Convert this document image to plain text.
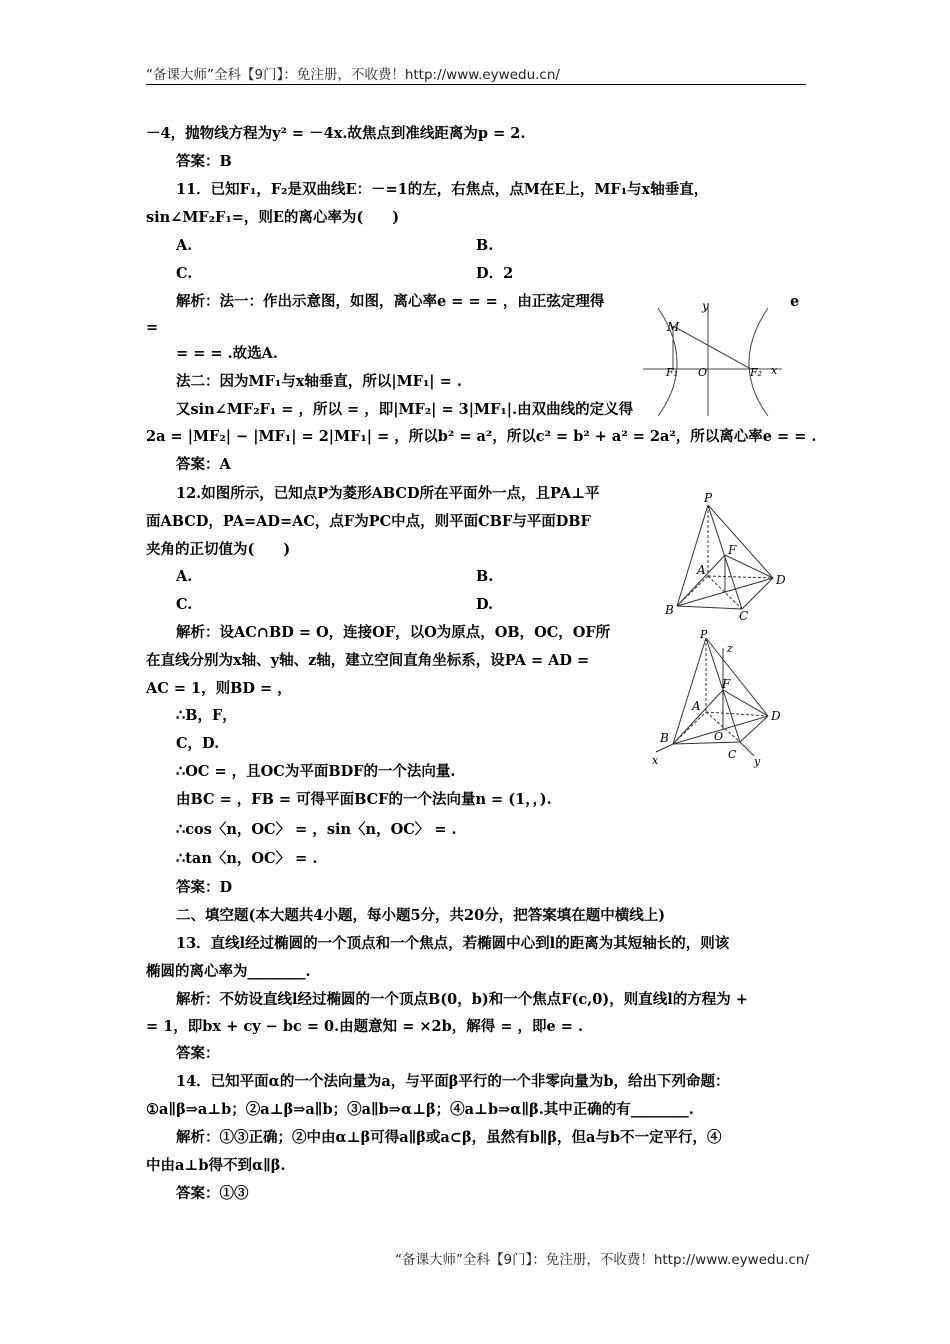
“备课大师”全科【9门】：免注册，不收费！http://www.eywedu.cn/
－4，抛物线方程为y² = －4x.故焦点到准线距离为p = 2.
答案：B
11．已知F₁，F₂是双曲线E：－=1的左，右焦点，点M在E上，MF₁与x轴垂直，
sin∠MF₂F₁=，则E的离心率为(　　)
A.	B.
C.	D．2
解析：法一：作出示意图，如图，离心率e = = = ，由正弦定理得	e
=
= = = .故选A.
法二：因为MF₁与x轴垂直，所以|MF₁| = .
又sin∠MF₂F₁ = ，所以 = ，即|MF₂| = 3|MF₁|.由双曲线的定义得
2a = |MF₂| − |MF₁| = 2|MF₁| = ，所以b² = a²，所以c² = b² + a² = 2a²，所以离心率e = = .
答案：A
y
M
F₁ O	F₂ x
12.如图所示，已知点P为菱形ABCD所在平面外一点，且PA⊥平
面ABCD，PA=AD=AC，点F为PC中点，则平面CBF与平面DBF
夹角的正切值为(　　)
A.	B.
C.	D.
P
F
A
D
B	C
解析：设AC∩BD = O，连接OF，以O为原点，OB，OC，OF所
在直线分别为x轴、y轴、z轴，建立空间直角坐标系，设PA = AD =
AC = 1，则BD = ，
∴B，F，
C，D.
P
z
F
A
D
B	O
C
x	y
∴OC = ，且OC为平面BDF的一个法向量.
由BC = ，FB = 可得平面BCF的一个法向量n = (1，，).
∴cos〈n，OC〉 = ，sin〈n，OC〉 = .
∴tan〈n，OC〉 = .
答案：D
二、填空题(本大题共4小题，每小题5分，共20分，把答案填在题中横线上)
13．直线l经过椭圆的一个顶点和一个焦点，若椭圆中心到l的距离为其短轴长的，则该
椭圆的离心率为________.
解析：不妨设直线l经过椭圆的一个顶点B(0，b)和一个焦点F(c,0)，则直线l的方程为 +
= 1，即bx + cy − bc = 0.由题意知 = ×2b，解得 = ，即e = .
答案：
14．已知平面α的一个法向量为a，与平面β平行的一个非零向量为b，给出下列命题：
①a∥β⇒a⊥b；②a⊥β⇒a∥b；③a∥b⇒α⊥β；④a⊥b⇒α∥β.其中正确的有________.
解析：①③正确；②中由α⊥β可得a∥β或a⊂β，虽然有b∥β，但a与b不一定平行，④
中由a⊥b得不到α∥β.
答案：①③
“备课大师”全科【9门】：免注册，不收费！http://www.eywedu.cn/
